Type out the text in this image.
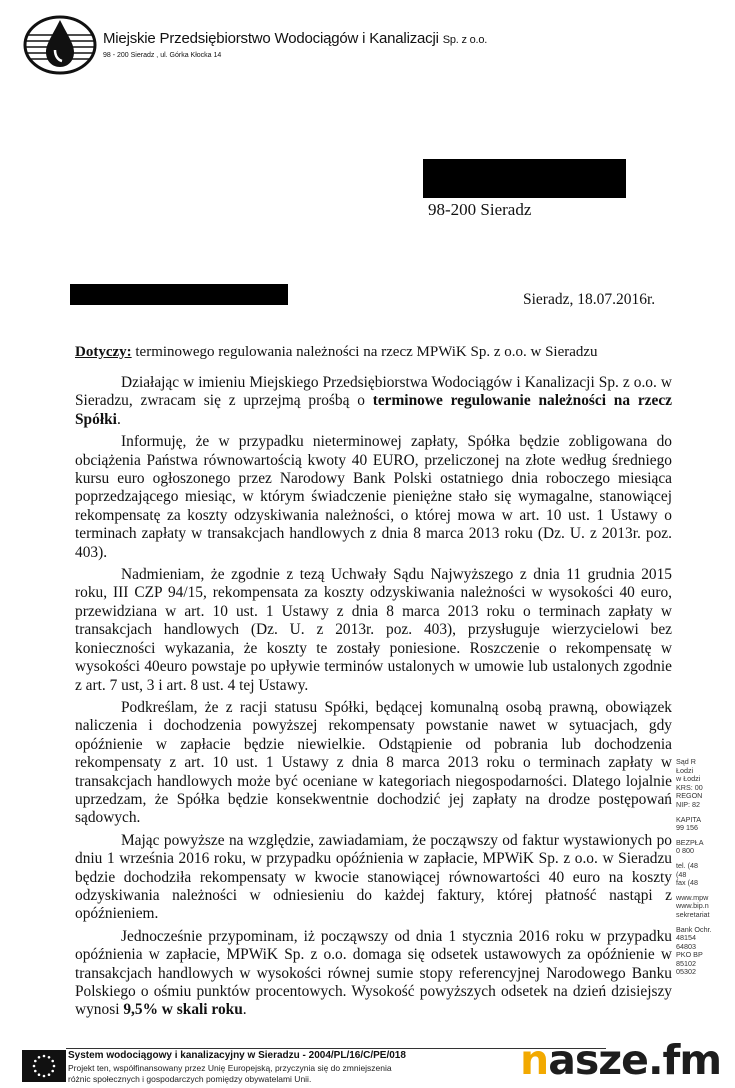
Miejskie Przedsiębiorstwo Wodociągów i Kanalizacji Sp. z o.o.
98 - 200 Sieradz , ul. Górka Kłocka 14
98-200 Sieradz
Sieradz, 18.07.2016r.
Dotyczy: terminowego regulowania należności na rzecz MPWiK Sp. z o.o. w Sieradzu

Działając w imieniu Miejskiego Przedsiębiorstwa Wodociągów i Kanalizacji Sp. z o.o. w Sieradzu, zwracam się z uprzejmą prośbą o terminowe regulowanie należności na rzecz Spółki.

Informuję, że w przypadku nieterminowej zapłaty, Spółka będzie zobligowana do obciążenia Państwa równowartością kwoty 40 EURO, przeliczonej na złote według średniego kursu euro ogłoszonego przez Narodowy Bank Polski ostatniego dnia roboczego miesiąca poprzedzającego miesiąc, w którym świadczenie pieniężne stało się wymagalne, stanowiącej rekompensatę za koszty odzyskiwania należności, o której mowa w art. 10 ust. 1 Ustawy o terminach zapłaty w transakcjach handlowych z dnia 8 marca 2013 roku (Dz. U. z 2013r. poz. 403).

Nadmieniam, że zgodnie z tezą Uchwały Sądu Najwyższego z dnia 11 grudnia 2015 roku, III CZP 94/15, rekompensata za koszty odzyskiwania należności w wysokości 40 euro, przewidziana w art. 10 ust. 1 Ustawy z dnia 8 marca 2013 roku o terminach zapłaty w transakcjach handlowych (Dz. U. z 2013r. poz. 403), przysługuje wierzycielowi bez konieczności wykazania, że koszty te zostały poniesione. Roszczenie o rekompensatę w wysokości 40euro powstaje po upływie terminów ustalonych w umowie lub ustalonych zgodnie z art. 7 ust, 3 i art. 8 ust. 4 tej Ustawy.

Podkreślam, że z racji statusu Spółki, będącej komunalną osobą prawną, obowiązek naliczenia i dochodzenia powyższej rekompensaty powstanie nawet w sytuacjach, gdy opóźnienie w zapłacie będzie niewielkie. Odstąpienie od pobrania lub dochodzenia rekompensaty z art. 10 ust. 1 Ustawy z dnia 8 marca 2013 roku o terminach zapłaty w transakcjach handlowych może być oceniane w kategoriach niegospodarności. Dlatego lojalnie uprzedzam, że Spółka będzie konsekwentnie dochodzić jej zapłaty na drodze postępowań sądowych.

Mając powyższe na względzie, zawiadamiam, że począwszy od faktur wystawionych po dniu 1 września 2016 roku, w przypadku opóźnienia w zapłacie, MPWiK Sp. z o.o. w Sieradzu będzie dochodziła rekompensaty w kwocie stanowiącej równowartości 40 euro na koszty odzyskiwania należności w odniesieniu do każdej faktury, której płatność nastąpi z opóźnieniem.

Jednocześnie przypominam, iż począwszy od dnia 1 stycznia 2016 roku w przypadku opóźnienia w zapłacie, MPWiK Sp. z o.o. domaga się odsetek ustawowych za opóźnienie w transakcjach handlowych w wysokości równej sumie stopy referencyjnej Narodowego Banku Polskiego o ośmiu punktów procentowych. Wysokość powyższych odsetek na dzień dzisiejszy wynosi 9,5% w skali roku.

Sąd R
Łodzi
w Łodzi
KRS: 00
REGON
NIP: 82
KAPITA
99 156
BEZPŁA
0 800
tel. (48
(48
fax (48
www.mpw
www.bip.n
sekretariat
Bank Ochr.
48154
64803
PKO BP
85102
05302
System wodociągowy i kanalizacyjny w Sieradzu - 2004/PL/16/C/PE/018
Projekt ten, współfinansowany przez Unię Europejską, przyczynia się do zmniejszenia
różnic społecznych i gospodarczych pomiędzy obywatelami Unii.	nasze.fm
